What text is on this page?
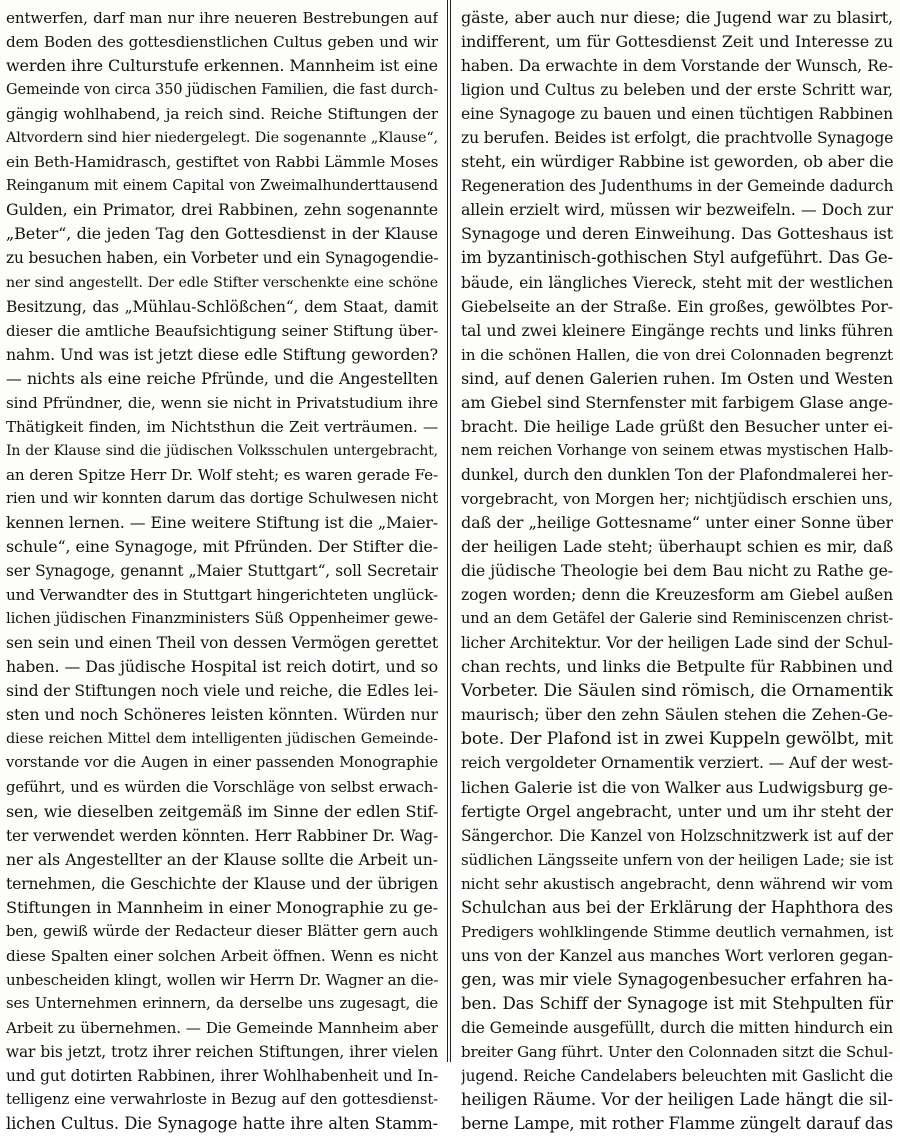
entwerfen, darf man nur ihre neueren Bestrebungen auf
dem Boden des gottesdienstlichen Cultus geben und wir
werden ihre Culturstufe erkennen. Mannheim ist eine
Gemeinde von circa 350 jüdischen Familien, die fast durch-
gängig wohlhabend, ja reich sind. Reiche Stiftungen der
Altvordern sind hier niedergelegt. Die sogenannte „Klause“,
ein Beth-Hamidrasch, gestiftet von Rabbi Lämmle Moses
Reinganum mit einem Capital von Zweimalhunderttausend
Gulden, ein Primator, drei Rabbinen, zehn sogenannte
„Beter“, die jeden Tag den Gottesdienst in der Klause
zu besuchen haben, ein Vorbeter und ein Synagogendie-
ner sind angestellt. Der edle Stifter verschenkte eine schöne
Besitzung, das „Mühlau-Schlößchen“, dem Staat, damit
dieser die amtliche Beaufsichtigung seiner Stiftung über-
nahm. Und was ist jetzt diese edle Stiftung geworden?
— nichts als eine reiche Pfründe, und die Angestellten
sind Pfründner, die, wenn sie nicht in Privatstudium ihre
Thätigkeit finden, im Nichtsthun die Zeit verträumen. —
In der Klause sind die jüdischen Volksschulen untergebracht,
an deren Spitze Herr Dr. Wolf steht; es waren gerade Fe-
rien und wir konnten darum das dortige Schulwesen nicht
kennen lernen. — Eine weitere Stiftung ist die „Maier-
schule“, eine Synagoge, mit Pfründen. Der Stifter die-
ser Synagoge, genannt „Maier Stuttgart“, soll Secretair
und Verwandter des in Stuttgart hingerichteten unglück-
lichen jüdischen Finanzministers Süß Oppenheimer gewe-
sen sein und einen Theil von dessen Vermögen gerettet
haben. — Das jüdische Hospital ist reich dotirt, und so
sind der Stiftungen noch viele und reiche, die Edles lei-
sten und noch Schöneres leisten könnten. Würden nur
diese reichen Mittel dem intelligenten jüdischen Gemeinde-
vorstande vor die Augen in einer passenden Monographie
geführt, und es würden die Vorschläge von selbst erwach-
sen, wie dieselben zeitgemäß im Sinne der edlen Stif-
ter verwendet werden könnten. Herr Rabbiner Dr. Wag-
ner als Angestellter an der Klause sollte die Arbeit un-
ternehmen, die Geschichte der Klause und der übrigen
Stiftungen in Mannheim in einer Monographie zu ge-
ben, gewiß würde der Redacteur dieser Blätter gern auch
diese Spalten einer solchen Arbeit öffnen. Wenn es nicht
unbescheiden klingt, wollen wir Herrn Dr. Wagner an die-
ses Unternehmen erinnern, da derselbe uns zugesagt, die
Arbeit zu übernehmen. — Die Gemeinde Mannheim aber
war bis jetzt, trotz ihrer reichen Stiftungen, ihrer vielen
und gut dotirten Rabbinen, ihrer Wohlhabenheit und In-
telligenz eine verwahrloste in Bezug auf den gottesdienst-
lichen Cultus. Die Synagoge hatte ihre alten Stamm-
gäste, aber auch nur diese; die Jugend war zu blasirt,
indifferent, um für Gottesdienst Zeit und Interesse zu
haben. Da erwachte in dem Vorstande der Wunsch, Re-
ligion und Cultus zu beleben und der erste Schritt war,
eine Synagoge zu bauen und einen tüchtigen Rabbinen
zu berufen. Beides ist erfolgt, die prachtvolle Synagoge
steht, ein würdiger Rabbine ist geworden, ob aber die
Regeneration des Judenthums in der Gemeinde dadurch
allein erzielt wird, müssen wir bezweifeln. — Doch zur
Synagoge und deren Einweihung. Das Gotteshaus ist
im byzantinisch-gothischen Styl aufgeführt. Das Ge-
bäude, ein längliches Viereck, steht mit der westlichen
Giebelseite an der Straße. Ein großes, gewölbtes Por-
tal und zwei kleinere Eingänge rechts und links führen
in die schönen Hallen, die von drei Colonnaden begrenzt
sind, auf denen Galerien ruhen. Im Osten und Westen
am Giebel sind Sternfenster mit farbigem Glase ange-
bracht. Die heilige Lade grüßt den Besucher unter ei-
nem reichen Vorhange von seinem etwas mystischen Halb-
dunkel, durch den dunklen Ton der Plafondmalerei her-
vorgebracht, von Morgen her; nichtjüdisch erschien uns,
daß der „heilige Gottesname“ unter einer Sonne über
der heiligen Lade steht; überhaupt schien es mir, daß
die jüdische Theologie bei dem Bau nicht zu Rathe ge-
zogen worden; denn die Kreuzesform am Giebel außen
und an dem Getäfel der Galerie sind Reminiscenzen christ-
licher Architektur. Vor der heiligen Lade sind der Schul-
chan rechts, und links die Betpulte für Rabbinen und
Vorbeter. Die Säulen sind römisch, die Ornamentik
maurisch; über den zehn Säulen stehen die Zehen-Ge-
bote. Der Plafond ist in zwei Kuppeln gewölbt, mit
reich vergoldeter Ornamentik verziert. — Auf der west-
lichen Galerie ist die von Walker aus Ludwigsburg ge-
fertigte Orgel angebracht, unter und um ihr steht der
Sängerchor. Die Kanzel von Holzschnitzwerk ist auf der
südlichen Längsseite unfern von der heiligen Lade; sie ist
nicht sehr akustisch angebracht, denn während wir vom
Schulchan aus bei der Erklärung der Haphthora des
Predigers wohlklingende Stimme deutlich vernahmen, ist
uns von der Kanzel aus manches Wort verloren gegan-
gen, was mir viele Synagogenbesucher erfahren ha-
ben. Das Schiff der Synagoge ist mit Stehpulten für
die Gemeinde ausgefüllt, durch die mitten hindurch ein
breiter Gang führt. Unter den Colonnaden sitzt die Schul-
jugend. Reiche Candelabers beleuchten mit Gaslicht die
heiligen Räume. Vor der heiligen Lade hängt die sil-
berne Lampe, mit rother Flamme züngelt darauf das
